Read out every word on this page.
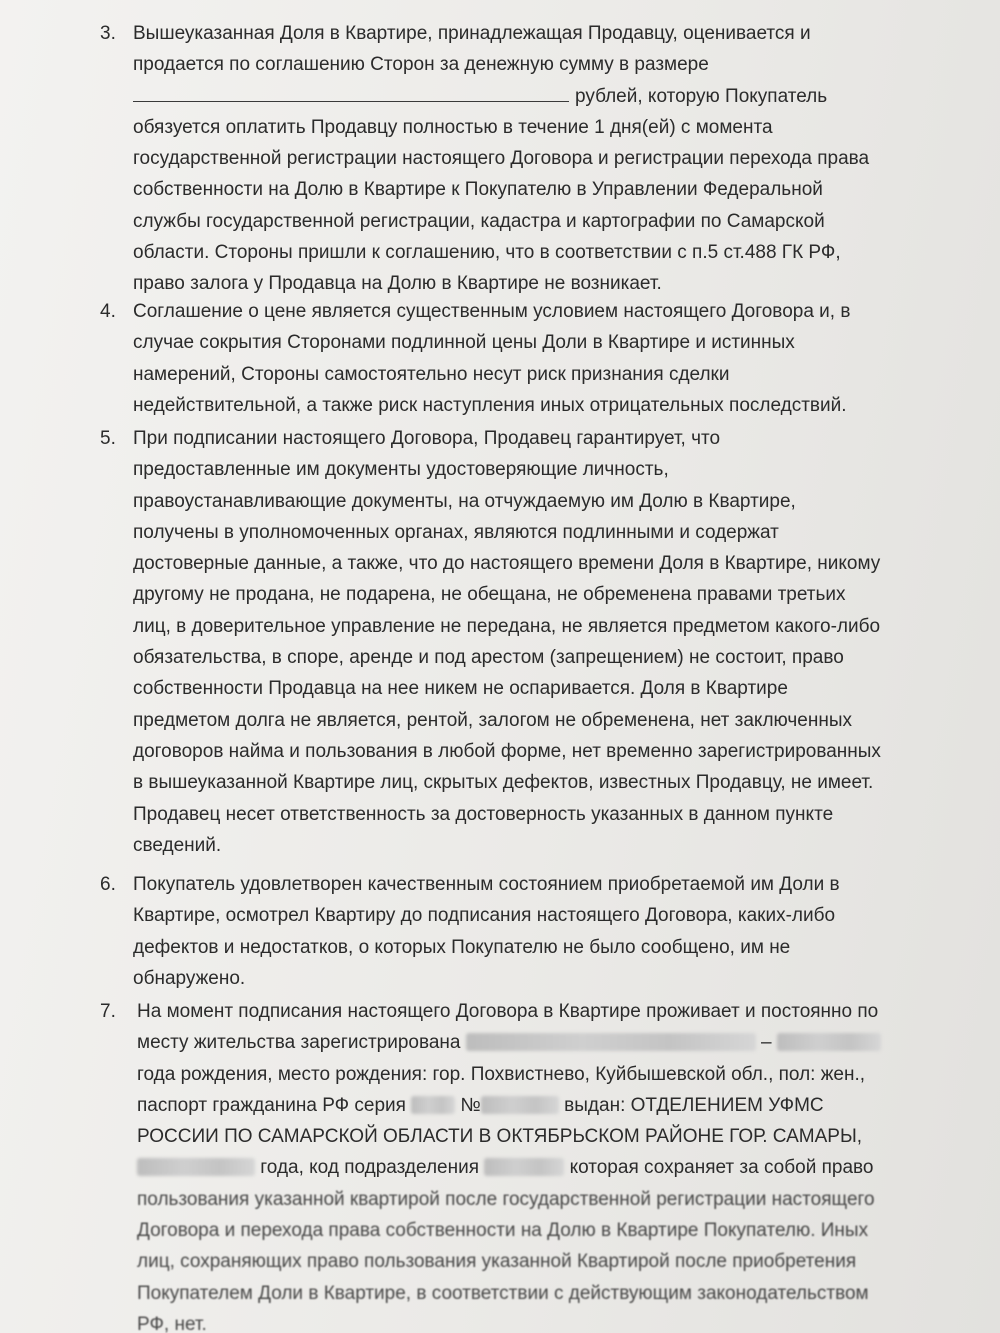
3. Вышеуказанная Доля в Квартире, принадлежащая Продавцу, оценивается и
продается по соглашению Сторон за денежную сумму в размере
рублей, которую Покупатель
обязуется оплатить Продавцу полностью в течение 1 дня(ей) с момента
государственной регистрации настоящего Договора и регистрации перехода права
собственности на Долю в Квартире к Покупателю в Управлении Федеральной
службы государственной регистрации, кадастра и картографии по Самарской
области. Стороны пришли к соглашению, что в соответствии с п.5 ст.488 ГК РФ,
право залога у Продавца на Долю в Квартире не возникает.
4. Соглашение о цене является существенным условием настоящего Договора и, в
случае сокрытия Сторонами подлинной цены Доли в Квартире и истинных
намерений, Стороны самостоятельно несут риск признания сделки
недействительной, а также риск наступления иных отрицательных последствий.
5. При подписании настоящего Договора, Продавец гарантирует, что
предоставленные им документы удостоверяющие личность,
правоустанавливающие документы, на отчуждаемую им Долю в Квартире,
получены в уполномоченных органах, являются подлинными и содержат
достоверные данные, а также, что до настоящего времени Доля в Квартире, никому
другому не продана, не подарена, не обещана, не обременена правами третьих
лиц, в доверительное управление не передана, не является предметом какого-либо
обязательства, в споре, аренде и под арестом (запрещением) не состоит, право
собственности Продавца на нее никем не оспаривается. Доля в Квартире
предметом долга не является, рентой, залогом не обременена, нет заключенных
договоров найма и пользования в любой форме, нет временно зарегистрированных
в вышеуказанной Квартире лиц, скрытых дефектов, известных Продавцу, не имеет.
Продавец несет ответственность за достоверность указанных в данном пункте
сведений.
6. Покупатель удовлетворен качественным состоянием приобретаемой им Доли в
Квартире, осмотрел Квартиру до подписания настоящего Договора, каких-либо
дефектов и недостатков, о которых Покупателю не было сообщено, им не
обнаружено.
7. На момент подписания настоящего Договора в Квартире проживает и постоянно по
месту жительства зарегистрирована	–
года рождения, место рождения: гор. Похвистнево, Куйбышевской обл., пол: жен.,
паспорт гражданина РФ серия	№	выдан: ОТДЕЛЕНИЕМ УФМС
РОССИИ ПО САМАРСКОЙ ОБЛАСТИ В ОКТЯБРЬСКОМ РАЙОНЕ ГОР. САМАРЫ,
года, код подразделения	которая сохраняет за собой право
пользования указанной квартирой после государственной регистрации настоящего
Договора и перехода права собственности на Долю в Квартире Покупателю. Иных
лиц, сохраняющих право пользования указанной Квартирой после приобретения
Покупателем Доли в Квартире, в соответствии с действующим законодательством
РФ, нет.
